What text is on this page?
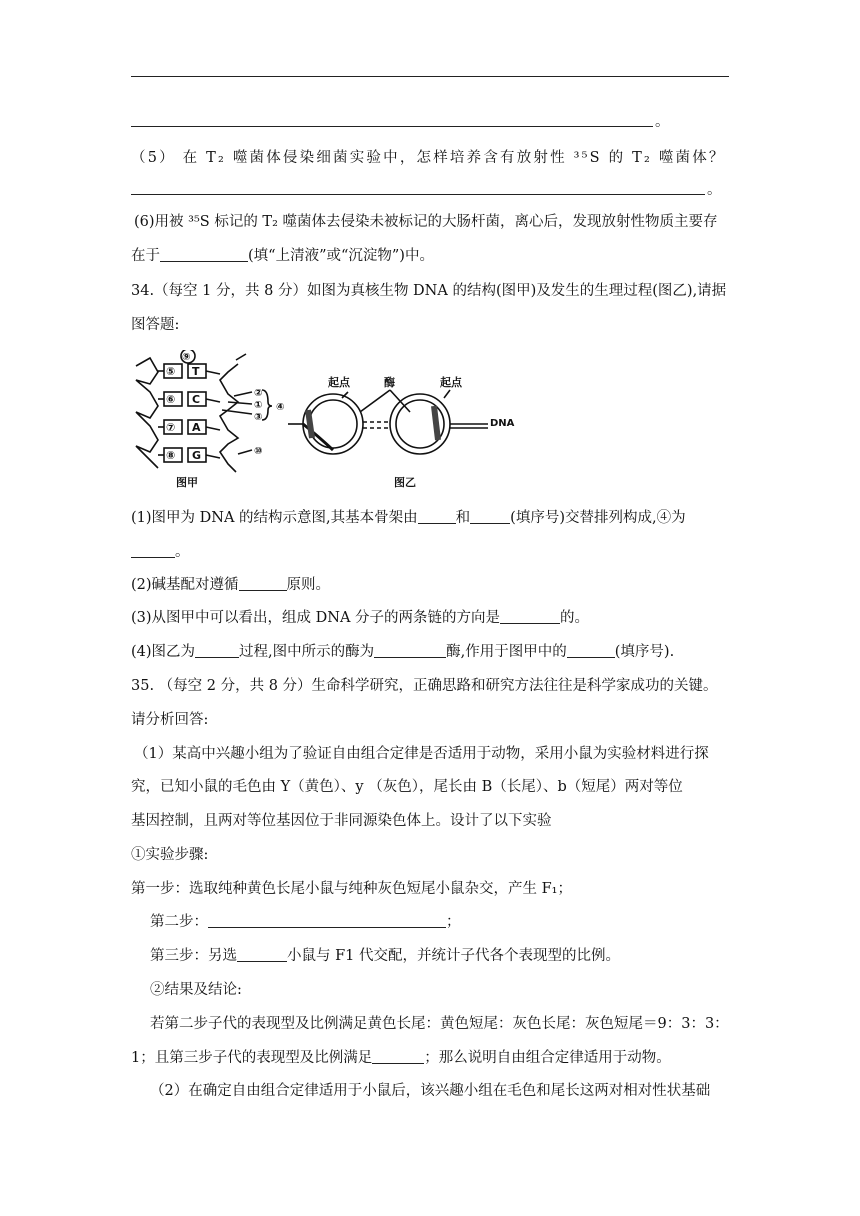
。
（5） 在 T₂ 噬菌体侵染细菌实验中，怎样培养含有放射性 ³⁵S 的 T₂ 噬菌体？
。
(6)用被 ³⁵S 标记的 T₂ 噬菌体去侵染未被标记的大肠杆菌，离心后，发现放射性物质主要存
在于	(填“上清液”或“沉淀物”)中。
34.（每空 1 分，共 8 分）如图为真核生物 DNA 的结构(图甲)及发生的生理过程(图乙),请据
图答题:
⑨
⑤ T
⑥ C
⑦ A
⑧ G
②
①
③
④
⑩
图甲
起点	酶	起点
DNA
图乙
(1)图甲为 DNA 的结构示意图,其基本骨架由	和	(填序号)交替排列构成,④为
。
(2)碱基配对遵循	原则。
(3)从图甲中可以看出，组成 DNA 分子的两条链的方向是	的。
(4)图乙为	过程,图中所示的酶为	酶,作用于图甲中的	(填序号).
35. （每空 2 分，共 8 分）生命科学研究，正确思路和研究方法往往是科学家成功的关键。
请分析回答:
（1）某高中兴趣小组为了验证自由组合定律是否适用于动物，采用小鼠为实验材料进行探
究，已知小鼠的毛色由 Y（黄色）、y （灰色），尾长由 B（长尾）、b（短尾）两对等位
基因控制，且两对等位基因位于非同源染色体上。设计了以下实验
①实验步骤:
第一步：选取纯种黄色长尾小鼠与纯种灰色短尾小鼠杂交，产生 F₁；
第二步：	；
第三步：另选	小鼠与 F1 代交配，并统计子代各个表现型的比例。
②结果及结论:
若第二步子代的表现型及比例满足黄色长尾：黄色短尾：灰色长尾：灰色短尾＝9：3：3：
1；且第三步子代的表现型及比例满足	；那么说明自由组合定律适用于动物。
（2）在确定自由组合定律适用于小鼠后，该兴趣小组在毛色和尾长这两对相对性状基础
